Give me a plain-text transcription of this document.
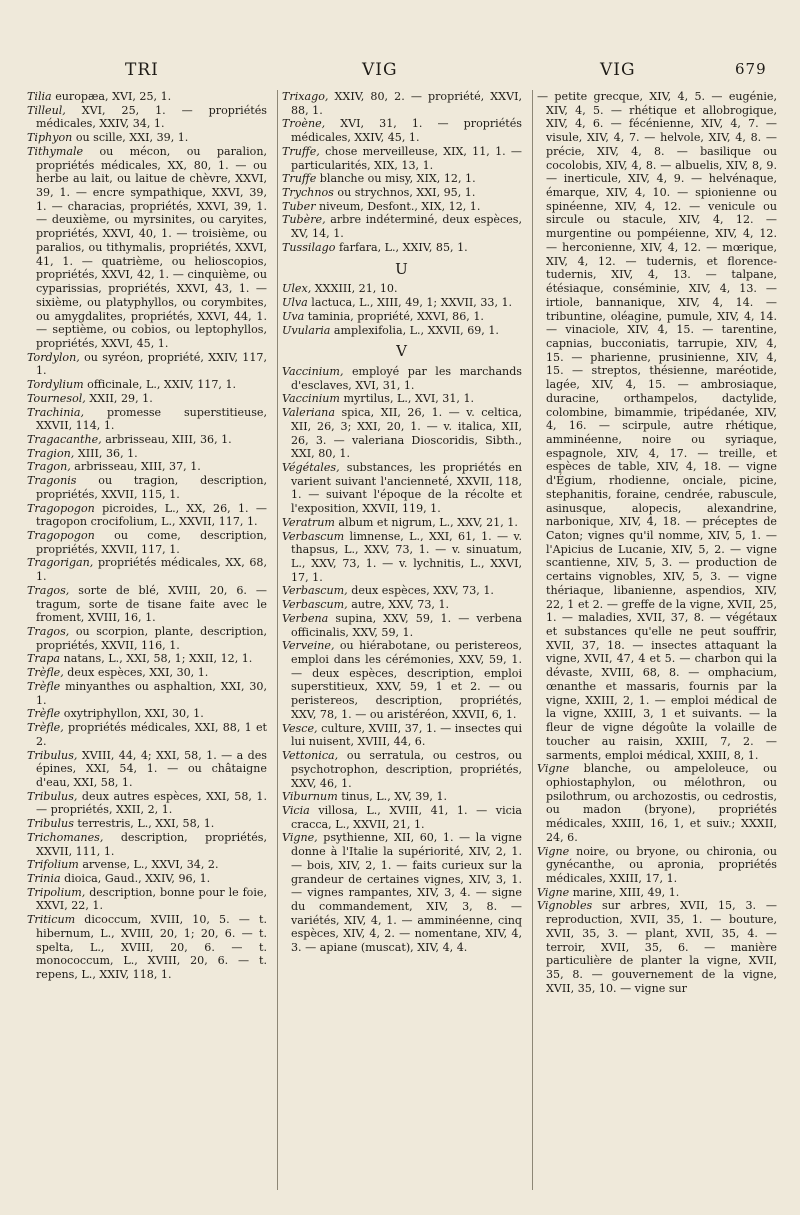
TRI	VIG	VIG	679

Tilia europæa, XVI, 25, 1.

Tilleul, XVI, 25, 1. — propriétés médicales, XXIV, 34, 1.

Tiphyon ou scille, XXI, 39, 1.

Tithymale ou mécon, ou paralion, propriétés médicales, XX, 80, 1. — ou herbe au lait, ou laitue de chèvre, XXVI, 39, 1. — encre sympathique, XXVI, 39, 1. — characias, propriétés, XXVI, 39, 1. — deuxième, ou myrsinites, ou caryites, propriétés, XXVI, 40, 1. — troisième, ou paralios, ou tithymalis, propriétés, XXVI, 41, 1. — quatrième, ou helioscopios, propriétés, XXVI, 42, 1. — cinquième, ou cyparissias, propriétés, XXVI, 43, 1. — sixième, ou platyphyllos, ou corymbites, ou amygdalites, propriétés, XXVI, 44, 1. — septième, ou cobios, ou leptophyllos, propriétés, XXVI, 45, 1.

Tordylon, ou syréon, propriété, XXIV, 117, 1.

Tordylium officinale, L., XXIV, 117, 1.

Tournesol, XXII, 29, 1.

Trachinia, promesse superstitieuse, XXVII, 114, 1.

Tragacanthe, arbrisseau, XIII, 36, 1.

Tragion, XIII, 36, 1.

Tragon, arbrisseau, XIII, 37, 1.

Tragonis ou tragion, description, propriétés, XXVII, 115, 1.

Tragopogon picroides, L., XX, 26, 1. — tragopon crocifolium, L., XXVII, 117, 1.

Tragopogon ou come, description, propriétés, XXVII, 117, 1.

Tragorigan, propriétés médicales, XX, 68, 1.

Tragos, sorte de blé, XVIII, 20, 6. — tragum, sorte de tisane faite avec le froment, XVIII, 16, 1.

Tragos, ou scorpion, plante, description, propriétés, XXVII, 116, 1.

Trapa natans, L., XXI, 58, 1; XXII, 12, 1.

Trèfle, deux espèces, XXI, 30, 1.

Trèfle minyanthes ou asphaltion, XXI, 30, 1.

Trèfle oxytriphyllon, XXI, 30, 1.

Trèfle, propriétés médicales, XXI, 88, 1 et 2.

Tribulus, XVIII, 44, 4; XXI, 58, 1. — a des épines, XXI, 54, 1. — ou châtaigne d'eau, XXI, 58, 1.

Tribulus, deux autres espèces, XXI, 58, 1. — propriétés, XXII, 2, 1.

Tribulus terrestris, L., XXI, 58, 1.

Trichomanes, description, propriétés, XXVII, 111, 1.

Trifolium arvense, L., XXVI, 34, 2.

Trinia dioica, Gaud., XXIV, 96, 1.

Tripolium, description, bonne pour le foie, XXVI, 22, 1.

Triticum dicoccum, XVIII, 10, 5. — t. hibernum, L., XVIII, 20, 1; 20, 6. — t. spelta, L., XVIII, 20, 6. — t. monococcum, L., XVIII, 20, 6. — t. repens, L., XXIV, 118, 1.

Trixago, XXIV, 80, 2. — propriété, XXVI, 88, 1.

Troène, XVI, 31, 1. — propriétés médicales, XXIV, 45, 1.

Truffe, chose merveilleuse, XIX, 11, 1. — particularités, XIX, 13, 1.

Truffe blanche ou misy, XIX, 12, 1.

Trychnos ou strychnos, XXI, 95, 1.

Tuber niveum, Desfont., XIX, 12, 1.

Tubère, arbre indéterminé, deux espèces, XV, 14, 1.

Tussilago farfara, L., XXIV, 85, 1.

U

Ulex, XXXIII, 21, 10.

Ulva lactuca, L., XIII, 49, 1; XXVII, 33, 1.

Uva taminia, propriété, XXVI, 86, 1.

Uvularia amplexifolia, L., XXVII, 69, 1.

V

Vaccinium, employé par les marchands d'esclaves, XVI, 31, 1.

Vaccinium myrtilus, L., XVI, 31, 1.

Valeriana spica, XII, 26, 1. — v. celtica, XII, 26, 3; XXI, 20, 1. — v. italica, XII, 26, 3. — valeriana Dioscoridis, Sibth., XXI, 80, 1.

Végétales, substances, les propriétés en varient suivant l'ancienneté, XXVII, 118, 1. — suivant l'époque de la récolte et l'exposition, XXVII, 119, 1.

Veratrum album et nigrum, L., XXV, 21, 1.

Verbascum limnense, L., XXI, 61, 1. — v. thapsus, L., XXV, 73, 1. — v. sinuatum, L., XXV, 73, 1. — v. lychnitis, L., XXVI, 17, 1.

Verbascum, deux espèces, XXV, 73, 1.

Verbascum, autre, XXV, 73, 1.

Verbena supina, XXV, 59, 1. — verbena officinalis, XXV, 59, 1.

Verveine, ou hiérabotane, ou peristereos, emploi dans les cérémonies, XXV, 59, 1. — deux espèces, description, emploi superstitieux, XXV, 59, 1 et 2. — ou peristereos, description, propriétés, XXV, 78, 1. — ou aristéréon, XXVII, 6, 1.

Vesce, culture, XVIII, 37, 1. — insectes qui lui nuisent, XVIII, 44, 6.

Vettonica, ou serratula, ou cestros, ou psychotrophon, description, propriétés, XXV, 46, 1.

Viburnum tinus, L., XV, 39, 1.

Vicia villosa, L., XVIII, 41, 1. — vicia cracca, L., XXVII, 21, 1.

Vigne, psythienne, XII, 60, 1. — la vigne donne à l'Italie la supériorité, XIV, 2, 1. — bois, XIV, 2, 1. — faits curieux sur la grandeur de certaines vignes, XIV, 3, 1. — vignes rampantes, XIV, 3, 4. — signe du commandement, XIV, 3, 8. — variétés, XIV, 4, 1. — amminéenne, cinq espèces, XIV, 4, 2. — nomentane, XIV, 4, 3. — apiane (muscat), XIV, 4, 4.

— petite grecque, XIV, 4, 5. — eugénie, XIV, 4, 5. — rhétique et allobrogique, XIV, 4, 6. — fécénienne, XIV, 4, 7. — visule, XIV, 4, 7. — helvole, XIV, 4, 8. — précie, XIV, 4, 8. — basilique ou cocolobis, XIV, 4, 8. — albuelis, XIV, 8, 9. — inerticule, XIV, 4, 9. — helvénaque, émarque, XIV, 4, 10. — spionienne ou spinéenne, XIV, 4, 12. — venicule ou sircule ou stacule, XIV, 4, 12. — murgentine ou pompéienne, XIV, 4, 12. — herconienne, XIV, 4, 12. — mœrique, XIV, 4, 12. — tudernis, et florence-tudernis, XIV, 4, 13. — talpane, étésiaque, conséminie, XIV, 4, 13. — irtiole, bannanique, XIV, 4, 14. — tribuntine, oléagine, pumule, XIV, 4, 14. — vinaciole, XIV, 4, 15. — tarentine, capnias, bucconiatis, tarrupie, XIV, 4, 15. — pharienne, prusinienne, XIV, 4, 15. — streptos, thésienne, maréotide, lagée, XIV, 4, 15. — ambrosiaque, duracine, orthampelos, dactylide, colombine, bimammie, tripédanée, XIV, 4, 16. — scirpule, autre rhétique, amminéenne, noire ou syriaque, espagnole, XIV, 4, 17. — treille, et espèces de table, XIV, 4, 18. — vigne d'Égium, rhodienne, onciale, picine, stephanitis, foraine, cendrée, rabuscule, asinusque, alopecis, alexandrine, narbonique, XIV, 4, 18. — préceptes de Caton; vignes qu'il nomme, XIV, 5, 1. — l'Apicius de Lucanie, XIV, 5, 2. — vigne scantienne, XIV, 5, 3. — production de certains vignobles, XIV, 5, 3. — vigne thériaque, libanienne, aspendios, XIV, 22, 1 et 2. — greffe de la vigne, XVII, 25, 1. — maladies, XVII, 37, 8. — végétaux et substances qu'elle ne peut souffrir, XVII, 37, 18. — insectes attaquant la vigne, XVII, 47, 4 et 5. — charbon qui la dévaste, XVIII, 68, 8. — omphacium, œnanthe et massaris, fournis par la vigne, XXIII, 2, 1. — emploi médical de la vigne, XXIII, 3, 1 et suivants. — la fleur de vigne dégoûte la volaille de toucher au raisin, XXIII, 7, 2. — sarments, emploi médical, XXIII, 8, 1.

Vigne blanche, ou ampeloleuce, ou ophiostaphylon, ou mélothron, ou psilothrum, ou archozostis, ou cedrostis, ou madon (bryone), propriétés médicales, XXIII, 16, 1, et suiv.; XXXII, 24, 6.

Vigne noire, ou bryone, ou chironia, ou gynécanthe, ou apronia, propriétés médicales, XXIII, 17, 1.

Vigne marine, XIII, 49, 1.

Vignobles sur arbres, XVII, 15, 3. — reproduction, XVII, 35, 1. — bouture, XVII, 35, 3. — plant, XVII, 35, 4. — terroir, XVII, 35, 6. — manière particulière de planter la vigne, XVII, 35, 8. — gouvernement de la vigne, XVII, 35, 10. — vigne sur
